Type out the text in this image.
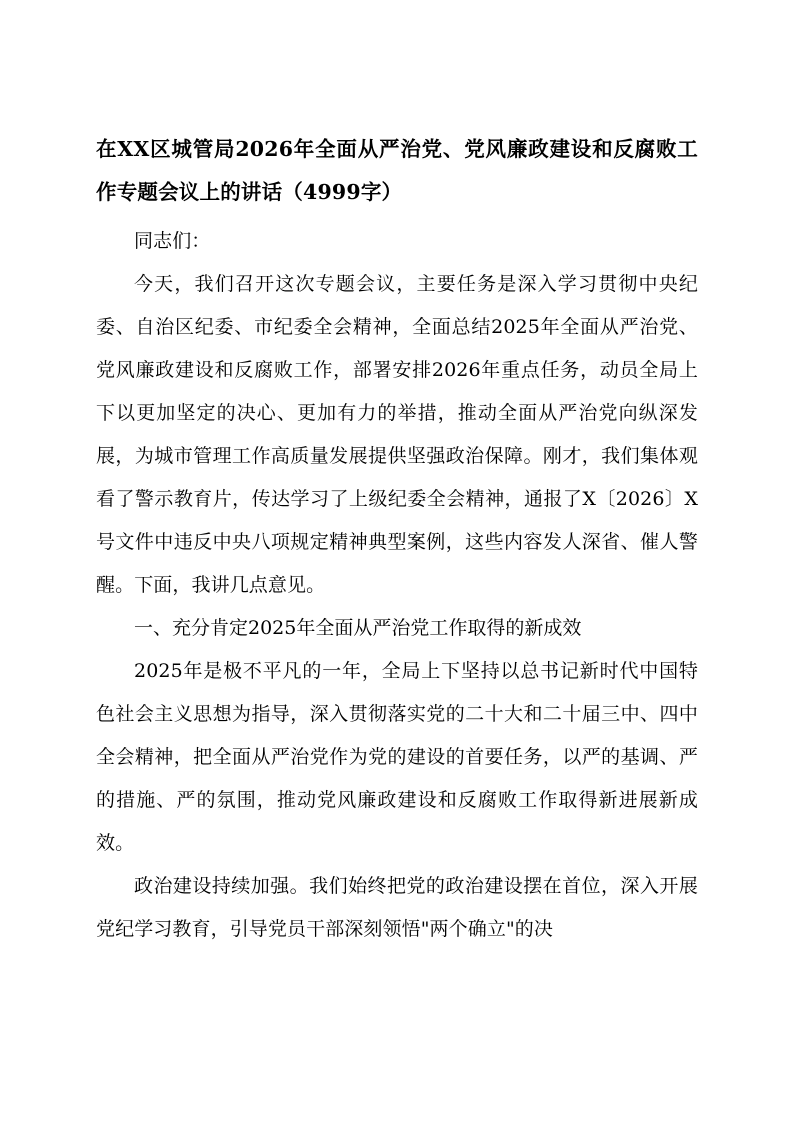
在XX区城管局2026年全面从严治党、党风廉政建设和反腐败工作专题会议上的讲话（4999字）

同志们：

今天，我们召开这次专题会议，主要任务是深入学习贯彻中央纪委、自治区纪委、市纪委全会精神，全面总结2025年全面从严治党、党风廉政建设和反腐败工作，部署安排2026年重点任务，动员全局上下以更加坚定的决心、更加有力的举措，推动全面从严治党向纵深发展，为城市管理工作高质量发展提供坚强政治保障。刚才，我们集体观看了警示教育片，传达学习了上级纪委全会精神，通报了X〔2026〕X号文件中违反中央八项规定精神典型案例，这些内容发人深省、催人警醒。下面，我讲几点意见。

一、充分肯定2025年全面从严治党工作取得的新成效

2025年是极不平凡的一年，全局上下坚持以总书记新时代中国特色社会主义思想为指导，深入贯彻落实党的二十大和二十届三中、四中全会精神，把全面从严治党作为党的建设的首要任务，以严的基调、严的措施、严的氛围，推动党风廉政建设和反腐败工作取得新进展新成效。

政治建设持续加强。我们始终把党的政治建设摆在首位，深入开展党纪学习教育，引导党员干部深刻领悟"两个确立"的决
